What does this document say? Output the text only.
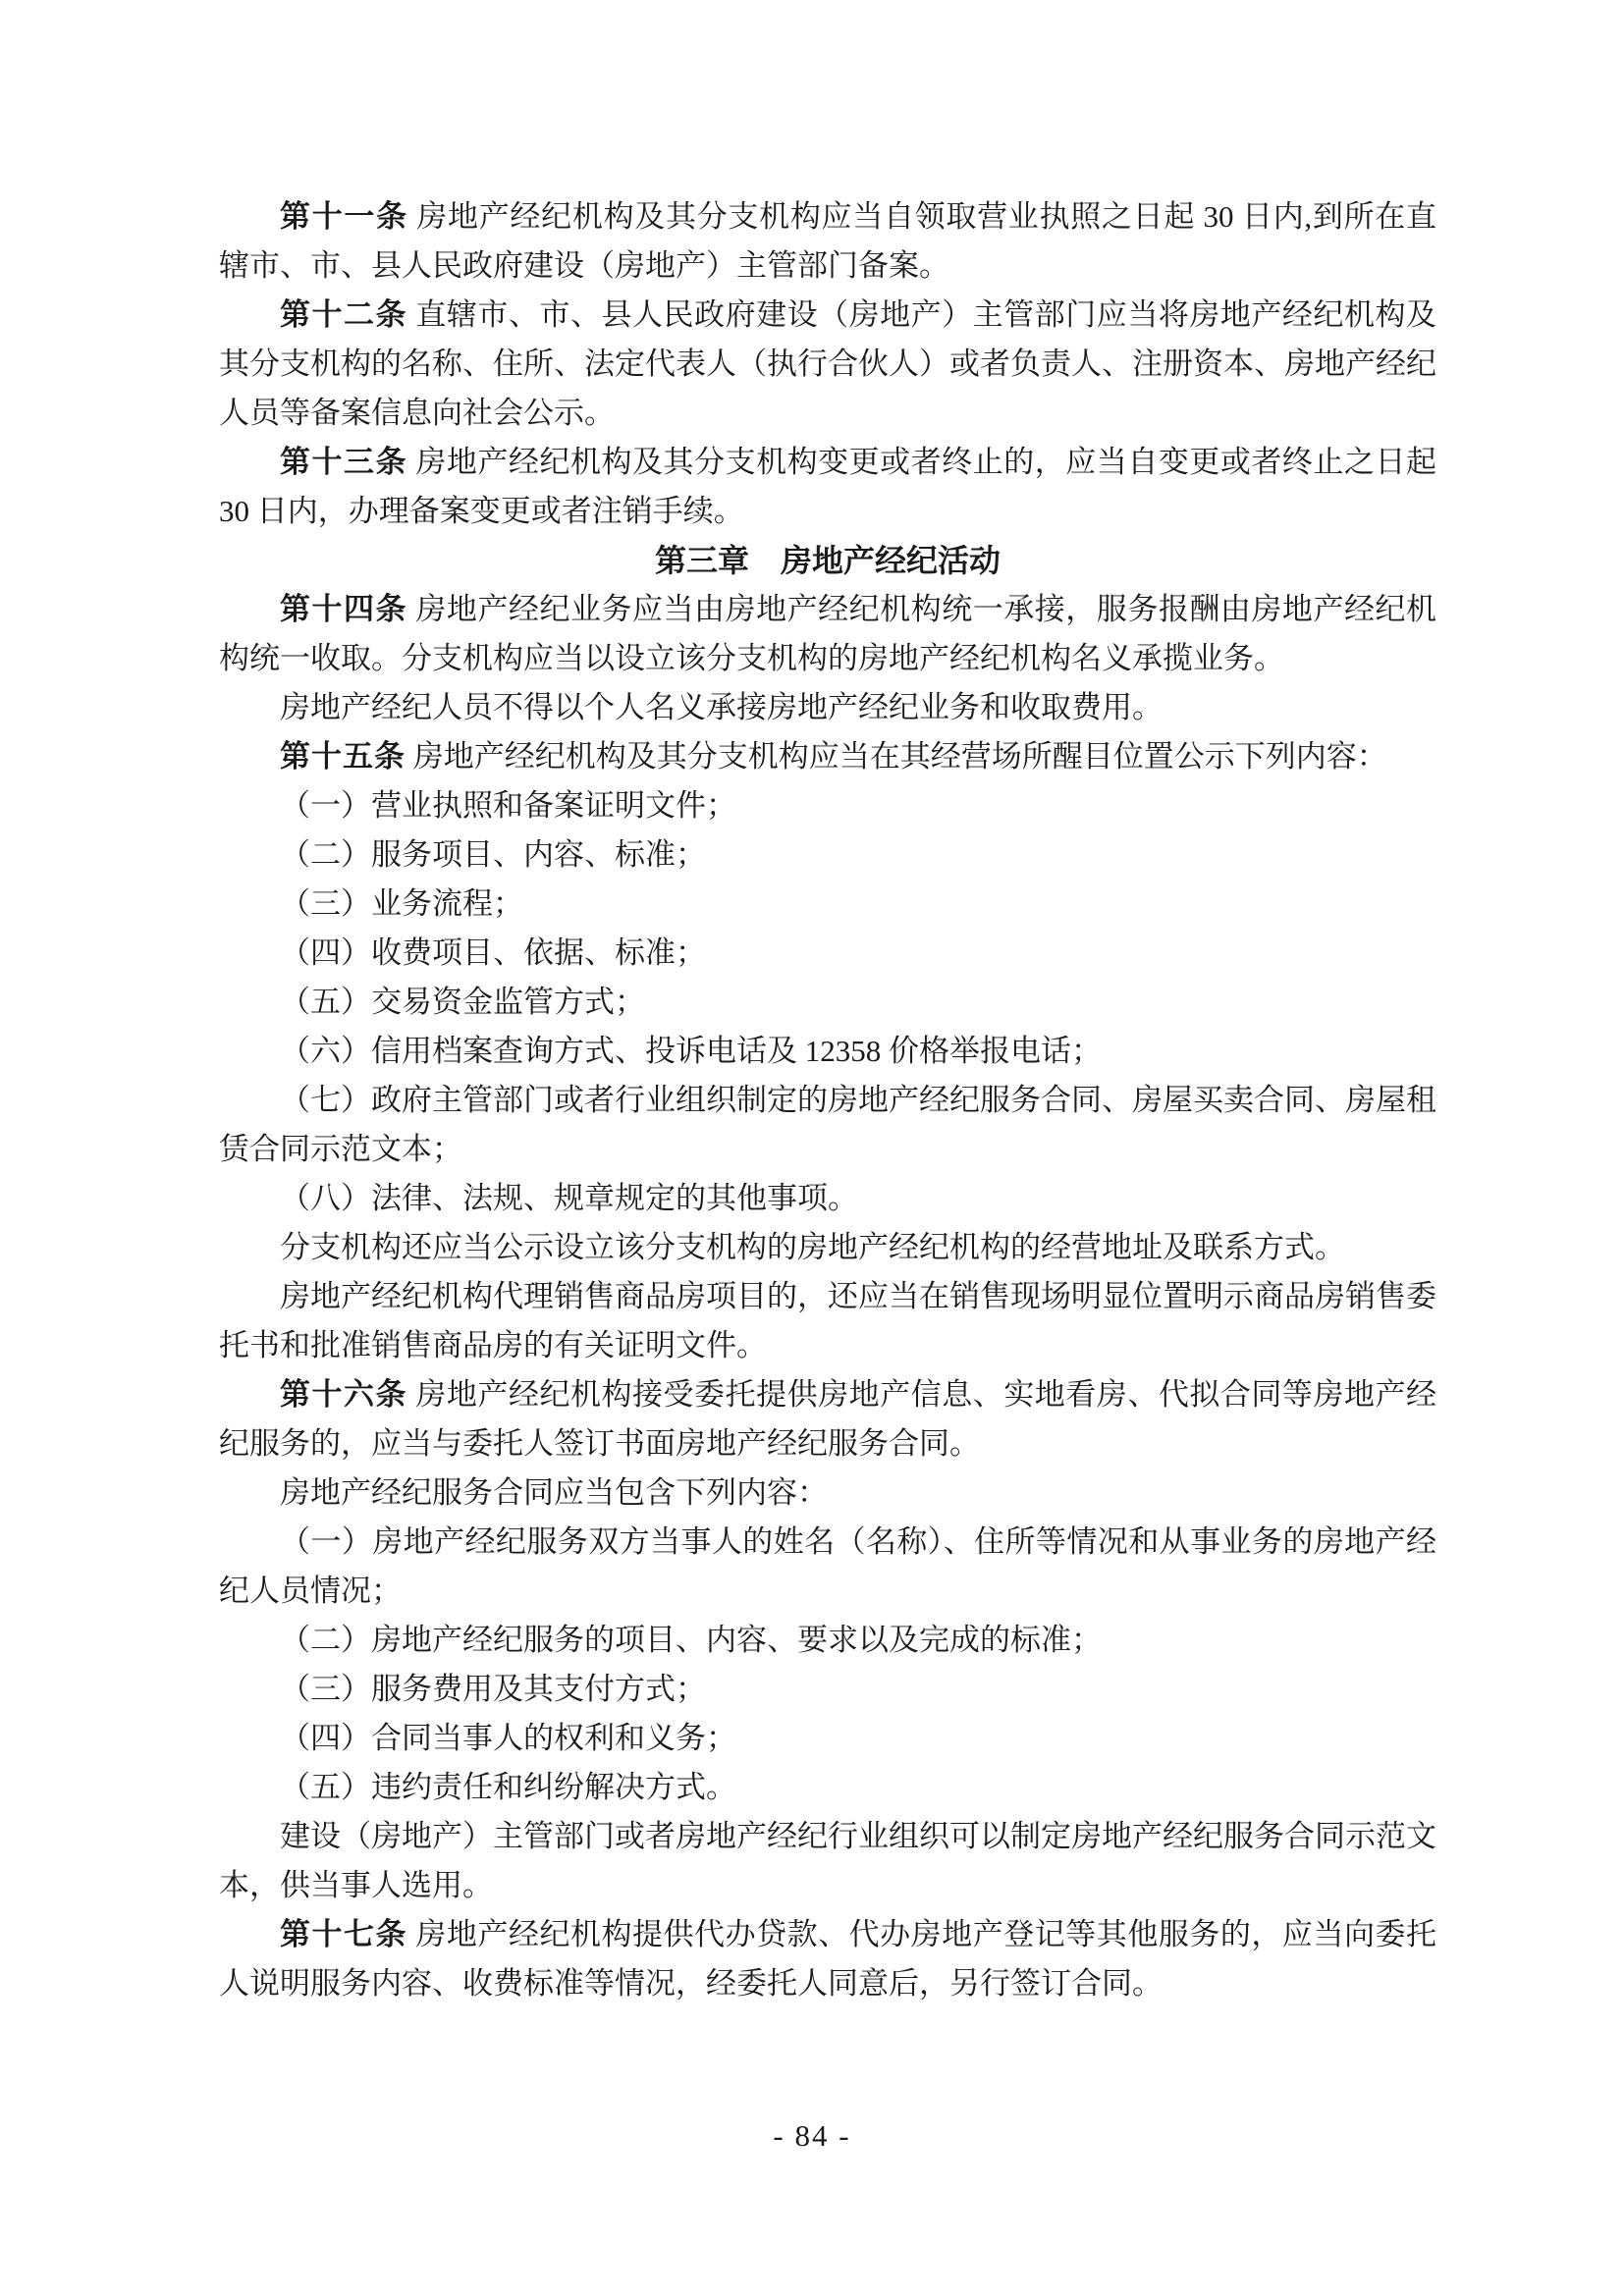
第十一条 房地产经纪机构及其分支机构应当自领取营业执照之日起 30 日内,到所在直辖市、市、县人民政府建设（房地产）主管部门备案。

第十二条 直辖市、市、县人民政府建设（房地产）主管部门应当将房地产经纪机构及其分支机构的名称、住所、法定代表人（执行合伙人）或者负责人、注册资本、房地产经纪人员等备案信息向社会公示。

第十三条 房地产经纪机构及其分支机构变更或者终止的，应当自变更或者终止之日起 30 日内，办理备案变更或者注销手续。

第三章　房地产经纪活动

第十四条 房地产经纪业务应当由房地产经纪机构统一承接，服务报酬由房地产经纪机构统一收取。分支机构应当以设立该分支机构的房地产经纪机构名义承揽业务。

房地产经纪人员不得以个人名义承接房地产经纪业务和收取费用。

第十五条 房地产经纪机构及其分支机构应当在其经营场所醒目位置公示下列内容：

（一）营业执照和备案证明文件；

（二）服务项目、内容、标准；

（三）业务流程；

（四）收费项目、依据、标准；

（五）交易资金监管方式；

（六）信用档案查询方式、投诉电话及 12358 价格举报电话；

（七）政府主管部门或者行业组织制定的房地产经纪服务合同、房屋买卖合同、房屋租赁合同示范文本；

（八）法律、法规、规章规定的其他事项。

分支机构还应当公示设立该分支机构的房地产经纪机构的经营地址及联系方式。

房地产经纪机构代理销售商品房项目的，还应当在销售现场明显位置明示商品房销售委托书和批准销售商品房的有关证明文件。

第十六条 房地产经纪机构接受委托提供房地产信息、实地看房、代拟合同等房地产经纪服务的，应当与委托人签订书面房地产经纪服务合同。

房地产经纪服务合同应当包含下列内容：

（一）房地产经纪服务双方当事人的姓名（名称）、住所等情况和从事业务的房地产经纪人员情况；

（二）房地产经纪服务的项目、内容、要求以及完成的标准；

（三）服务费用及其支付方式；

（四）合同当事人的权利和义务；

（五）违约责任和纠纷解决方式。

建设（房地产）主管部门或者房地产经纪行业组织可以制定房地产经纪服务合同示范文本，供当事人选用。

第十七条 房地产经纪机构提供代办贷款、代办房地产登记等其他服务的，应当向委托人说明服务内容、收费标准等情况，经委托人同意后，另行签订合同。

- 84 -
